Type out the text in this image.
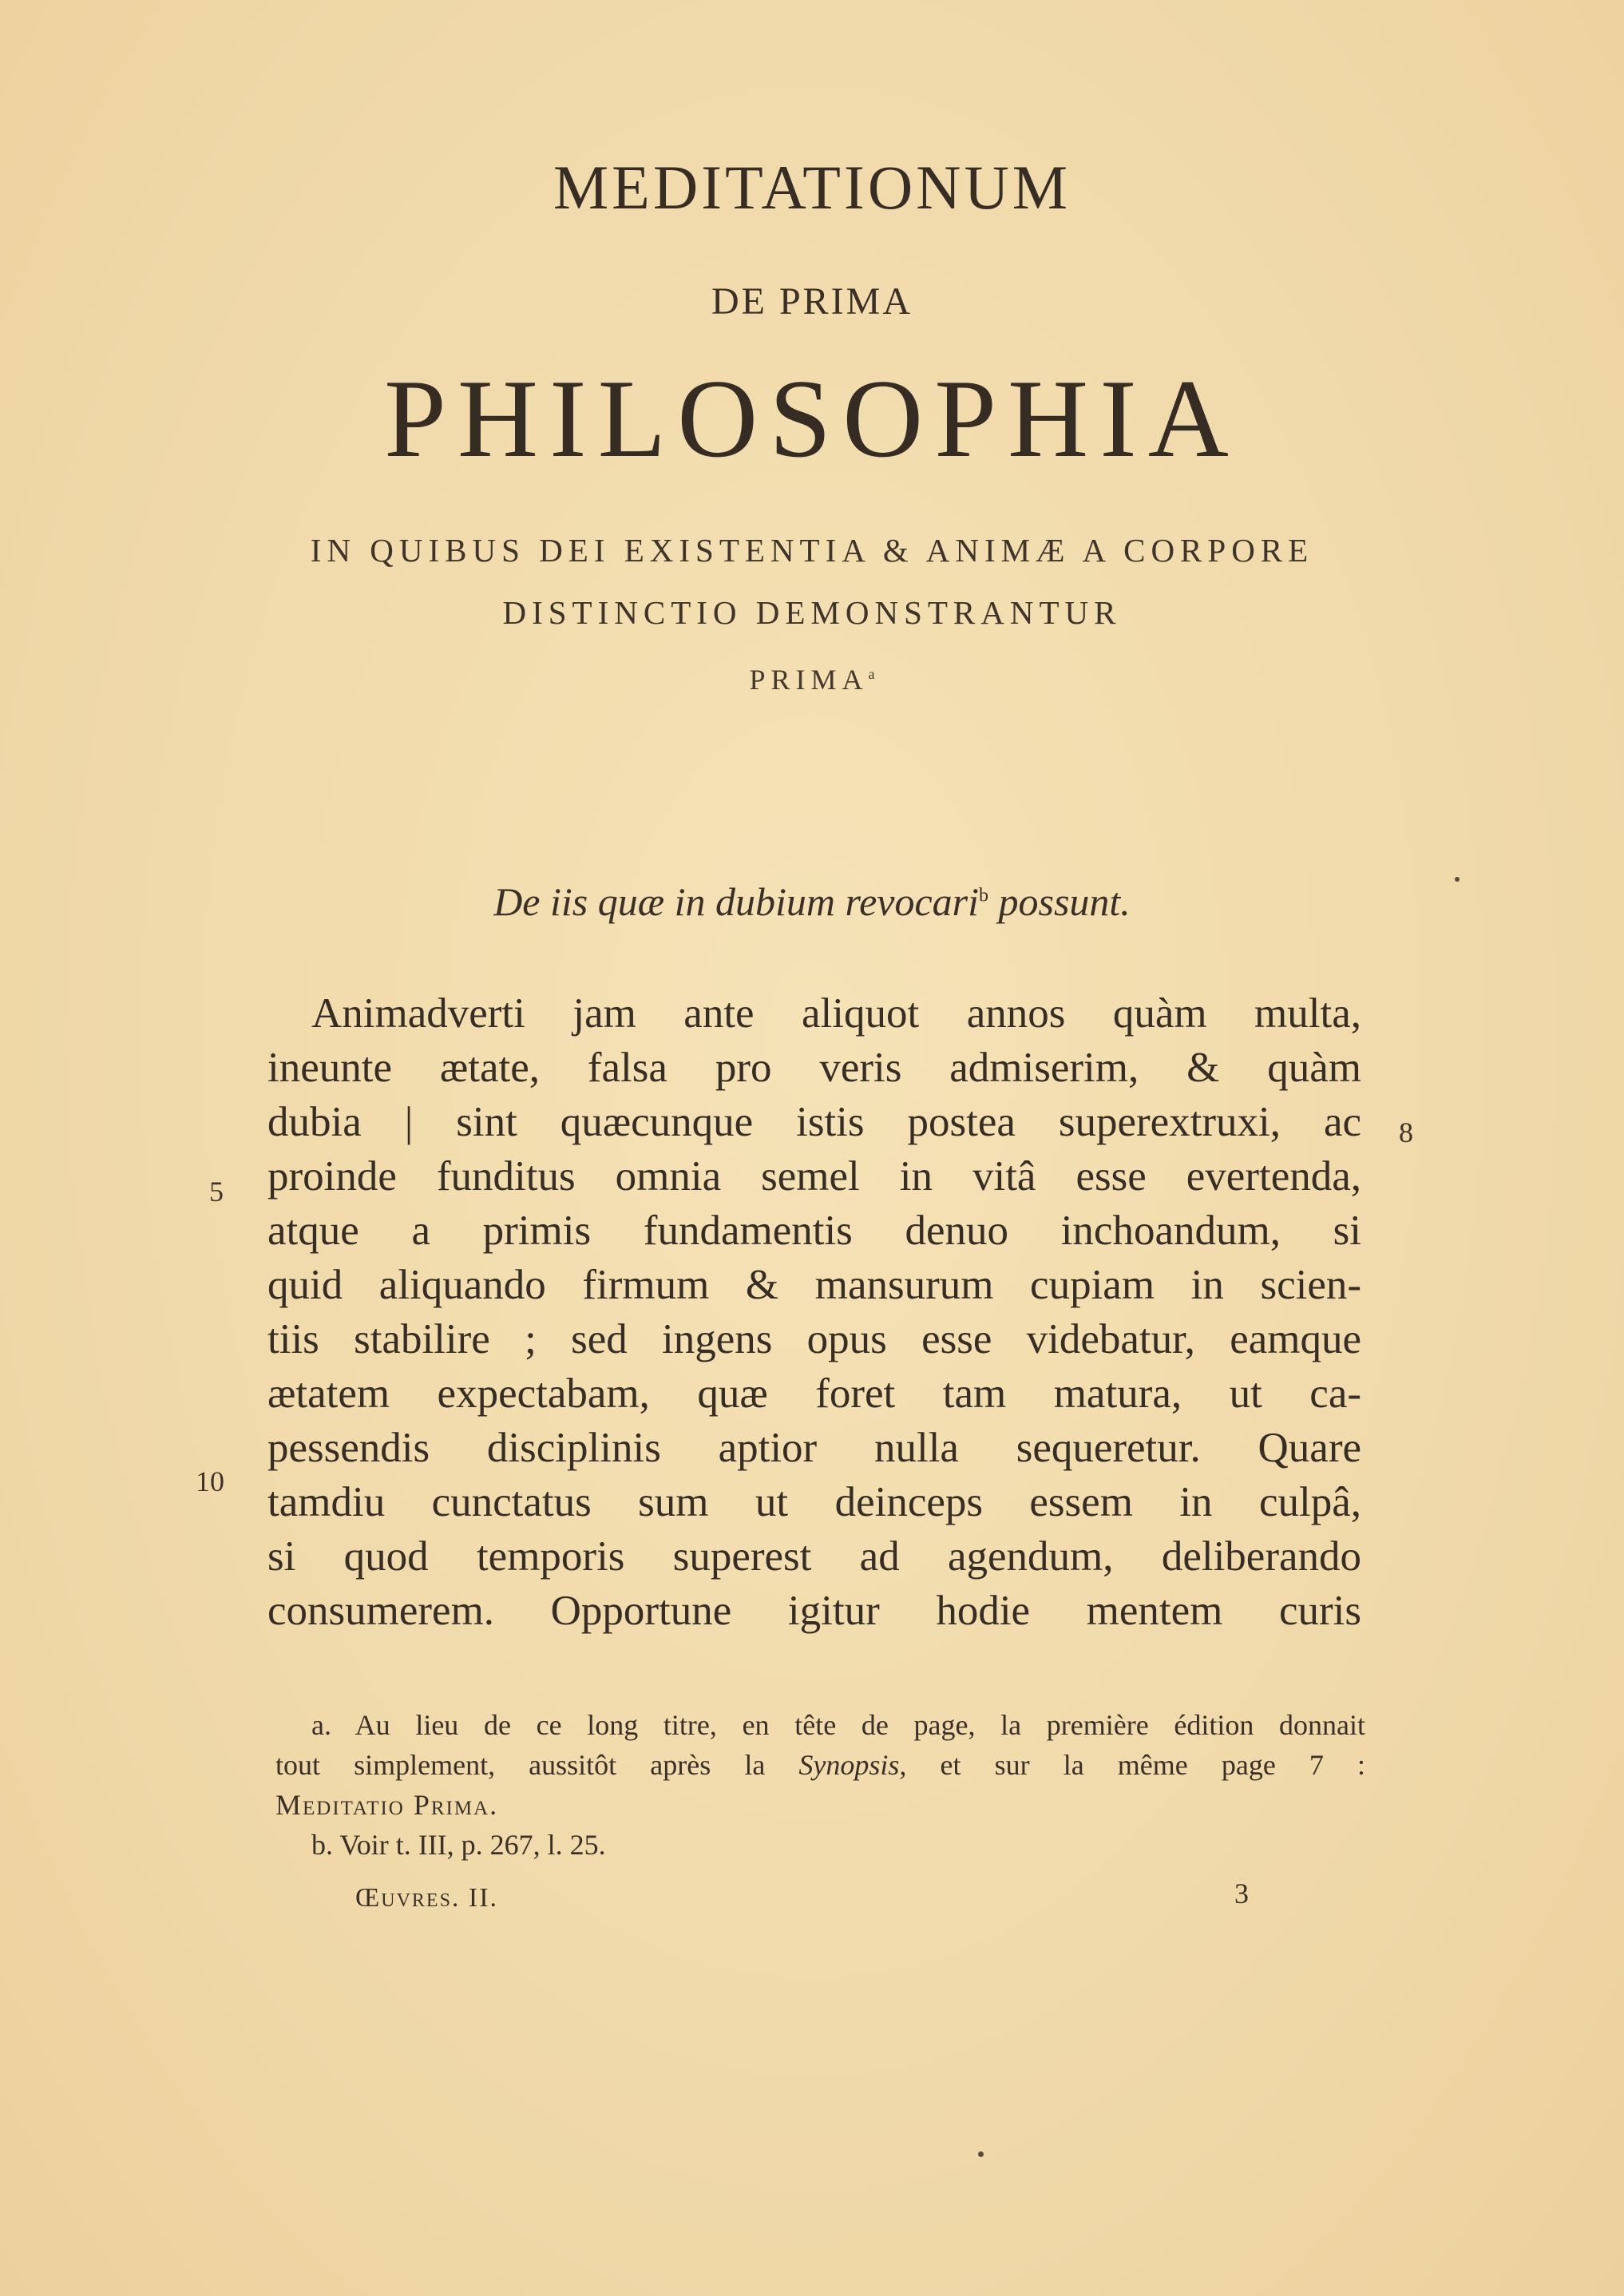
MEDITATIONUM
DE PRIMA
PHILOSOPHIA
IN QUIBUS DEI EXISTENTIA & ANIMÆ A CORPORE
DISTINCTIO DEMONSTRANTUR
PRIMA$^a$
De iis quæ in dubium revocari$^b$ possunt.
Animadverti jam ante aliquot annos quàm multa,
ineunte ætate, falsa pro veris admiserim, & quàm
dubia | sint quæcunque istis postea superextruxi, ac
proinde funditus omnia semel in vitâ esse evertenda,
atque a primis fundamentis denuo inchoandum, si
quid aliquando firmum & mansurum cupiam in scien-
tiis stabilire ; sed ingens opus esse videbatur, eamque
ætatem expectabam, quæ foret tam matura, ut ca-
pessendis disciplinis aptior nulla sequeretur. Quare
tamdiu cunctatus sum ut deinceps essem in culpâ,
si quod temporis superest ad agendum, deliberando
consumerem. Opportune igitur hodie mentem curis
5
10
8
a. Au lieu de ce long titre, en tête de page, la première édition donnait
tout simplement, aussitôt après la Synopsis, et sur la même page 7 :
Meditatio Prima.
b. Voir t. III, p. 267, l. 25.
Œuvres. II.	3
